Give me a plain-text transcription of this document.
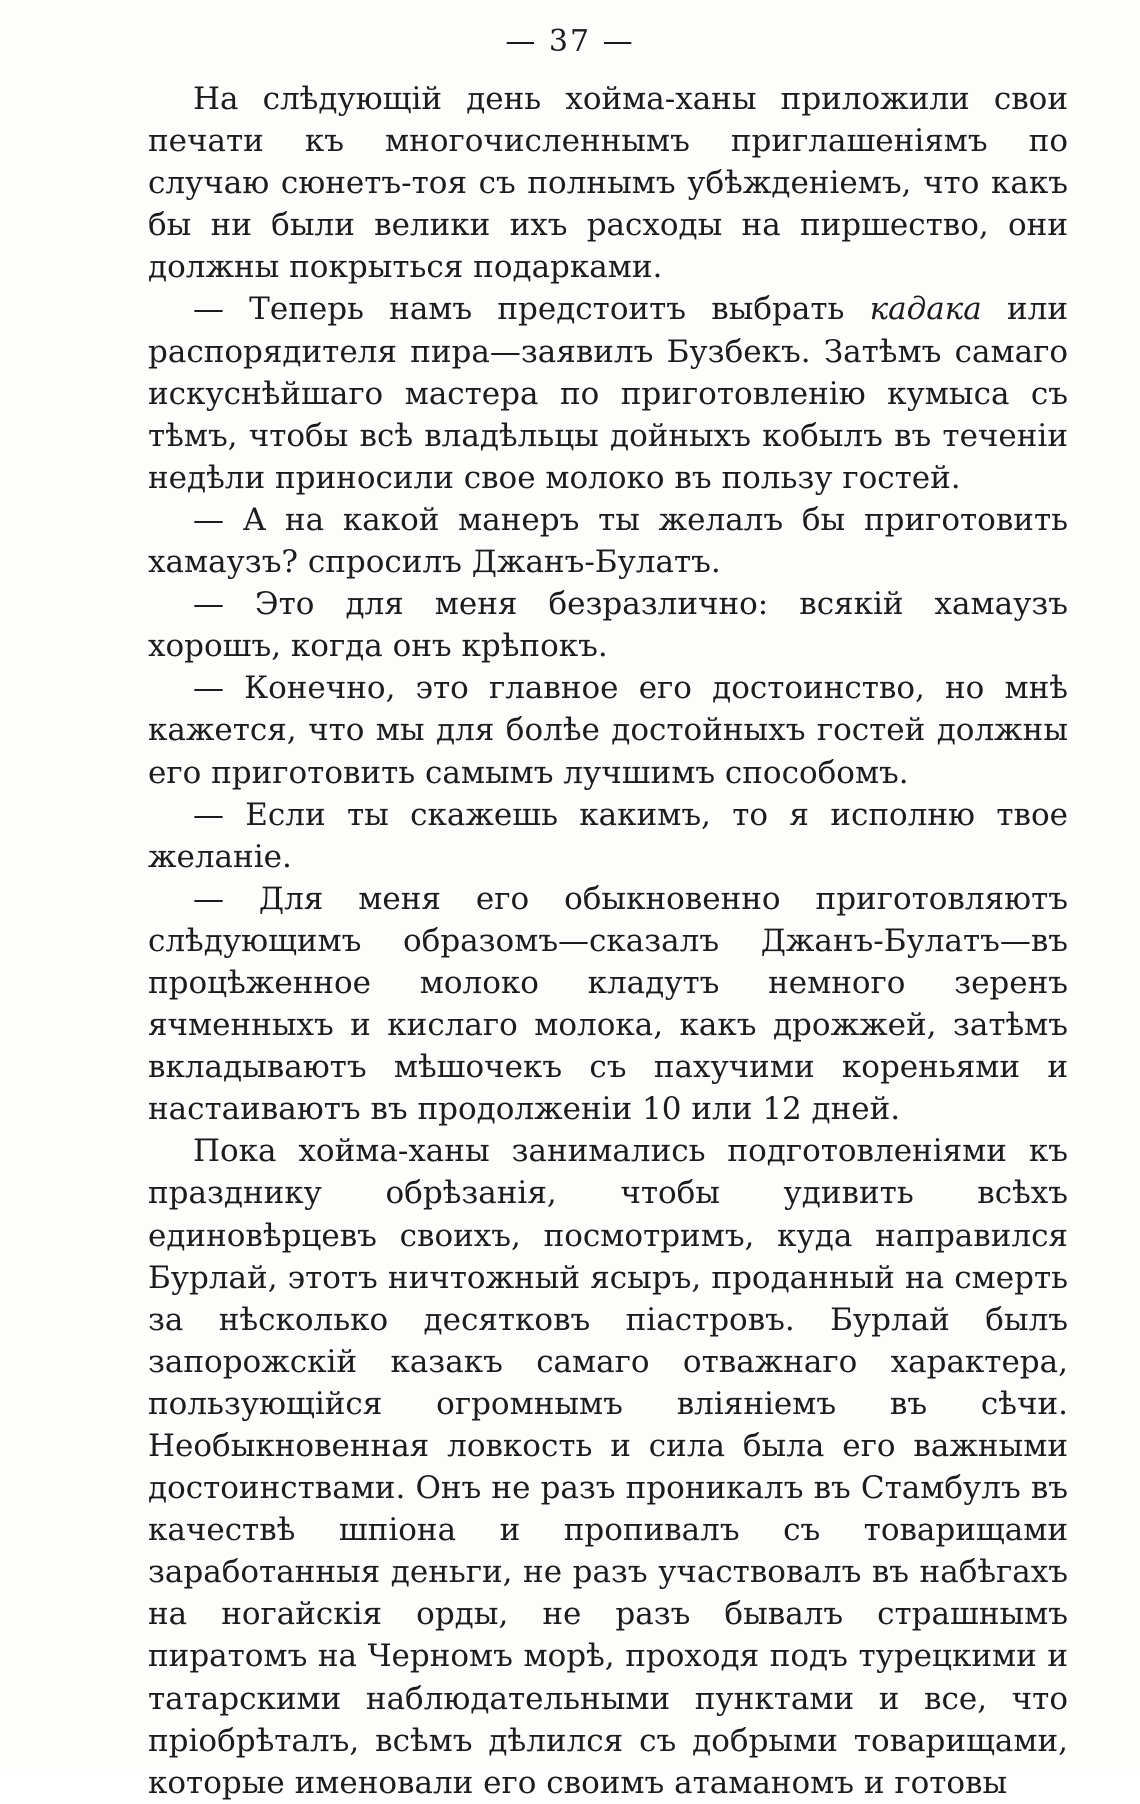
— 37 —

На слѣдующій день хойма-ханы приложили свои печати къ многочисленнымъ приглашеніямъ по случаю сюнетъ-тоя съ полнымъ убѣжденіемъ, что какъ бы ни были велики ихъ расходы на пиршество, они должны покрыться подарками.

— Теперь намъ предстоитъ выбрать кадака или распорядителя пира—заявилъ Бузбекъ. Затѣмъ самаго искуснѣйшаго мастера по приготовленію кумыса съ тѣмъ, чтобы всѣ владѣльцы дойныхъ кобылъ въ теченіи недѣли приносили свое молоко въ пользу гостей.

— А на какой манеръ ты желалъ бы приготовить хамаузъ? спросилъ Джанъ-Булатъ.

— Это для меня безразлично: всякій хамаузъ хорошъ, когда онъ крѣпокъ.

— Конечно, это главное его достоинство, но мнѣ кажется, что мы для болѣе достойныхъ гостей должны его приготовить самымъ лучшимъ способомъ.

— Если ты скажешь какимъ, то я исполню твое желаніе.

— Для меня его обыкновенно приготовляютъ слѣдующимъ образомъ—сказалъ Джанъ-Булатъ—въ процѣженное молоко кладутъ немного зеренъ ячменныхъ и кислаго молока, какъ дрожжей, затѣмъ вкладываютъ мѣшочекъ съ пахучими кореньями и настаиваютъ въ продолженіи 10 или 12 дней.

Пока хойма-ханы занимались подготовленіями къ празднику обрѣзанія, чтобы удивить всѣхъ единовѣрцевъ своихъ, посмотримъ, куда направился Бурлай, этотъ ничтожный ясыръ, проданный на смерть за нѣсколько десятковъ піастровъ. Бурлай былъ запорожскій казакъ самаго отважнаго характера, пользующійся огромнымъ вліяніемъ въ сѣчи. Необыкновенная ловкость и сила была его важными достоинствами. Онъ не разъ проникалъ въ Стамбулъ въ качествѣ шпіона и пропивалъ съ товарищами заработанныя деньги, не разъ участвовалъ въ набѣгахъ на ногайскія орды, не разъ бывалъ страшнымъ пиратомъ на Черномъ морѣ, проходя подъ турецкими и татарскими наблюдательными пунктами и все, что пріобрѣталъ, всѣмъ дѣлился съ добрыми товарищами, которые именовали его своимъ атаманомъ и готовы
